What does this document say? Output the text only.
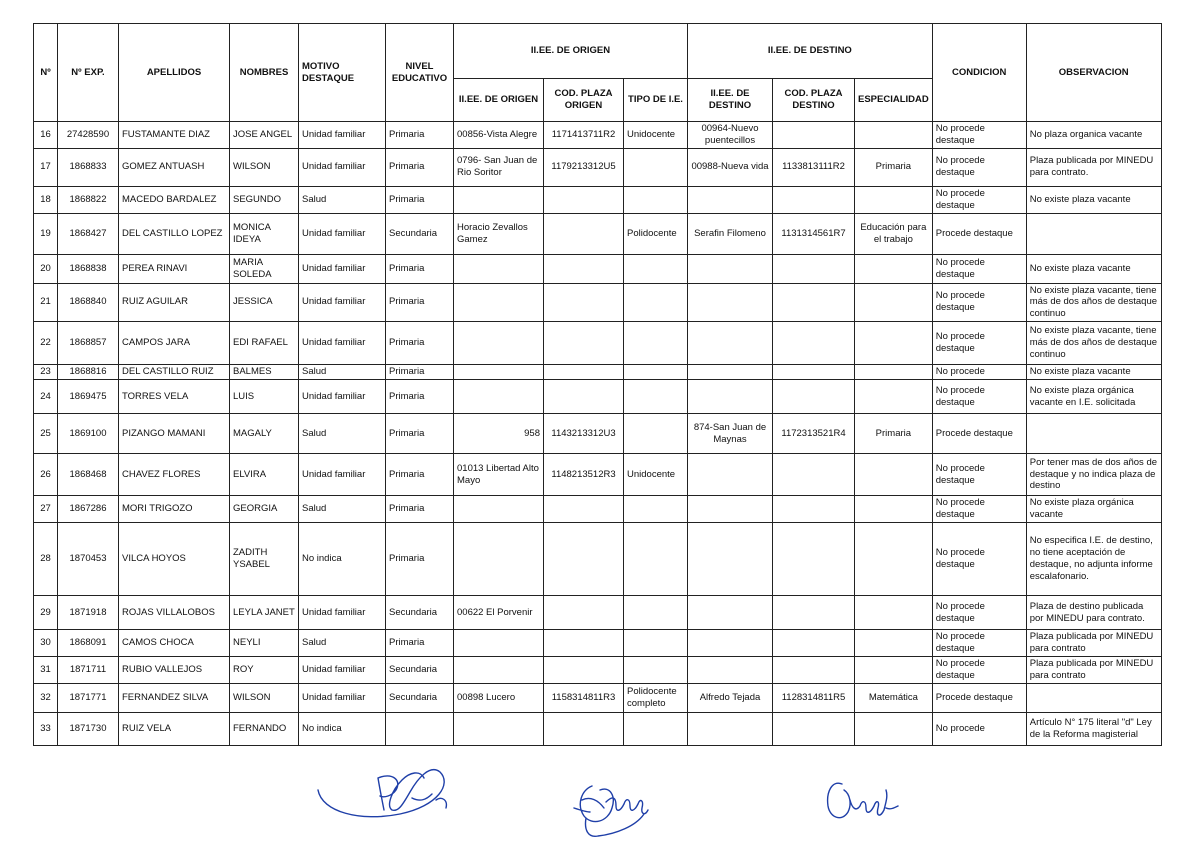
Nº	Nº EXP.	APELLIDOS	NOMBRES	MOTIVO DESTAQUE	NIVEL EDUCATIVO	II.EE. DE ORIGEN			II.EE. DE DESTINO			CONDICION	OBSERVACION
						II.EE. DE ORIGEN	COD. PLAZA ORIGEN	TIPO DE I.E.	II.EE. DE DESTINO	COD. PLAZA DESTINO	ESPECIALIDAD		
16	27428590	FUSTAMANTE DIAZ	JOSE ANGEL	Unidad familiar	Primaria	00856-Vista Alegre	1171413711R2	Unidocente	00964-Nuevo puentecillos			No procede destaque	No plaza organica vacante
17	1868833	GOMEZ ANTUASH	WILSON	Unidad familiar	Primaria	0796- San Juan de Rio Soritor	1179213312U5		00988-Nueva vida	1133813111R2	Primaria	No procede destaque	Plaza publicada por MINEDU para contrato.
18	1868822	MACEDO BARDALEZ	SEGUNDO	Salud	Primaria							No procede destaque	No existe plaza vacante
19	1868427	DEL CASTILLO LOPEZ	MONICA IDEYA	Unidad familiar	Secundaria	Horacio Zevallos Gamez		Polidocente	Serafin Filomeno	1131314561R7	Educación para el trabajo	Procede destaque	
20	1868838	PEREA RINAVI	MARIA SOLEDA	Unidad familiar	Primaria							No procede destaque	No existe plaza vacante
21	1868840	RUIZ AGUILAR	JESSICA	Unidad familiar	Primaria							No procede destaque	No existe plaza vacante, tiene más de dos años de destaque continuo
22	1868857	CAMPOS JARA	EDI RAFAEL	Unidad familiar	Primaria							No procede destaque	No existe plaza vacante, tiene más de dos años de destaque continuo
23	1868816	DEL CASTILLO RUIZ	BALMES	Salud	Primaria							No procede	No existe plaza vacante
24	1869475	TORRES VELA	LUIS	Unidad familiar	Primaria							No procede destaque	No existe plaza orgánica vacante en I.E. solicitada
25	1869100	PIZANGO MAMANI	MAGALY	Salud	Primaria	958	1143213312U3		874-San Juan de Maynas	1172313521R4	Primaria	Procede destaque	
26	1868468	CHAVEZ FLORES	ELVIRA	Unidad familiar	Primaria	01013 Libertad Alto Mayo	1148213512R3	Unidocente				No procede destaque	Por tener mas de dos años de destaque y no indica plaza de destino
27	1867286	MORI TRIGOZO	GEORGIA	Salud	Primaria							No procede destaque	No existe plaza orgánica vacante
28	1870453	VILCA HOYOS	ZADITH YSABEL	No indica	Primaria							No procede destaque	No especifica I.E. de destino, no tiene aceptación de destaque, no adjunta informe escalafonario.
29	1871918	ROJAS VILLALOBOS	LEYLA JANET	Unidad familiar	Secundaria	00622 El Porvenir						No procede destaque	Plaza de destino publicada por MINEDU para contrato.
30	1868091	CAMOS CHOCA	NEYLI	Salud	Primaria							No procede destaque	Plaza publicada por MINEDU para contrato
31	1871711	RUBIO VALLEJOS	ROY	Unidad familiar	Secundaria							No procede destaque	Plaza publicada por MINEDU para contrato
32	1871771	FERNANDEZ SILVA	WILSON	Unidad familiar	Secundaria	00898 Lucero	1158314811R3	Polidocente completo	Alfredo Tejada	1128314811R5	Matemática	Procede destaque	
33	1871730	RUIZ VELA	FERNANDO	No indica								No procede	Artículo N° 175 literal "d" Ley de la Reforma magisterial
